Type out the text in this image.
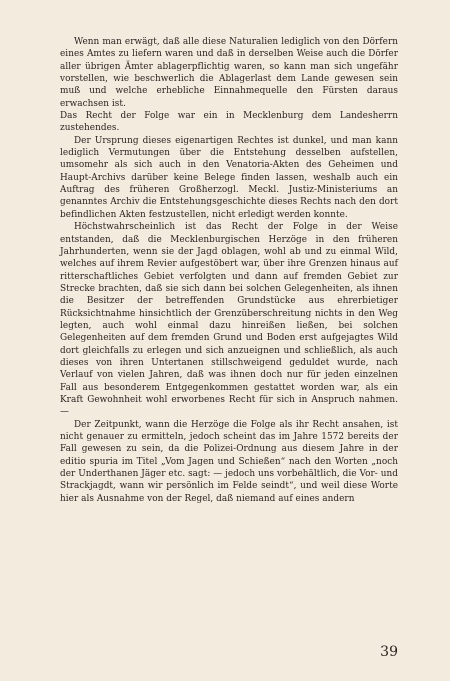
Wenn man erwägt, daß alle diese Naturalien lediglich von den Dörfern eines Amtes zu liefern waren und daß in derselben Weise auch die Dörfer aller übrigen Ämter ablagerpflichtig waren, so kann man sich ungefähr vorstellen, wie beschwerlich die Ablagerlast dem Lande gewesen sein muß und welche erhebliche Einnahmequelle den Fürsten daraus erwachsen ist.

Das Recht der Folge war ein in Mecklenburg dem Landesherrn zustehendes.

Der Ursprung dieses eigenartigen Rechtes ist dunkel, und man kann lediglich Vermutungen über die Entstehung desselben aufstellen, umsomehr als sich auch in den Venatoria-Akten des Geheimen und Haupt-Archivs darüber keine Belege finden lassen, weshalb auch ein Auftrag des früheren Großherzogl. Meckl. Justiz-Ministeriums an genanntes Archiv die Entstehungsgeschichte dieses Rechts nach den dort befindlichen Akten festzustellen, nicht erledigt werden konnte.

Höchstwahrscheinlich ist das Recht der Folge in der Weise entstanden, daß die Mecklenburgischen Herzöge in den früheren Jahrhunderten, wenn sie der Jagd oblagen, wohl ab und zu einmal Wild, welches auf ihrem Revier aufgestöbert war, über ihre Grenzen hinaus auf ritterschaftliches Gebiet verfolgten und dann auf fremden Gebiet zur Strecke brachten, daß sie sich dann bei solchen Gelegenheiten, als ihnen die Besitzer der betreffenden Grundstücke aus ehrerbietiger Rücksichtnahme hinsichtlich der Grenzüberschreitung nichts in den Weg legten, auch wohl einmal dazu hinreißen ließen, bei solchen Gelegenheiten auf dem fremden Grund und Boden erst aufgejagtes Wild dort gleichfalls zu erlegen und sich anzueignen und schließlich, als auch dieses von ihren Untertanen stillschweigend geduldet wurde, nach Verlauf von vielen Jahren, daß was ihnen doch nur für jeden einzelnen Fall aus besonderem Entgegenkommen gestattet worden war, als ein Kraft Gewohnheit wohl erworbenes Recht für sich in Anspruch nahmen. —

Der Zeitpunkt, wann die Herzöge die Folge als ihr Recht ansahen, ist nicht genauer zu ermitteln, jedoch scheint das im Jahre 1572 bereits der Fall gewesen zu sein, da die Polizei-Ordnung aus diesem Jahre in der editio spuria im Titel „Vom Jagen und Schießen“ nach den Worten „noch der Underthanen Jäger etc. sagt: — jedoch uns vorbehältlich, die Vor- und Strackjagdt, wann wir persönlich im Felde seindt“, und weil diese Worte hier als Ausnahme von der Regel, daß niemand auf eines andern

39
